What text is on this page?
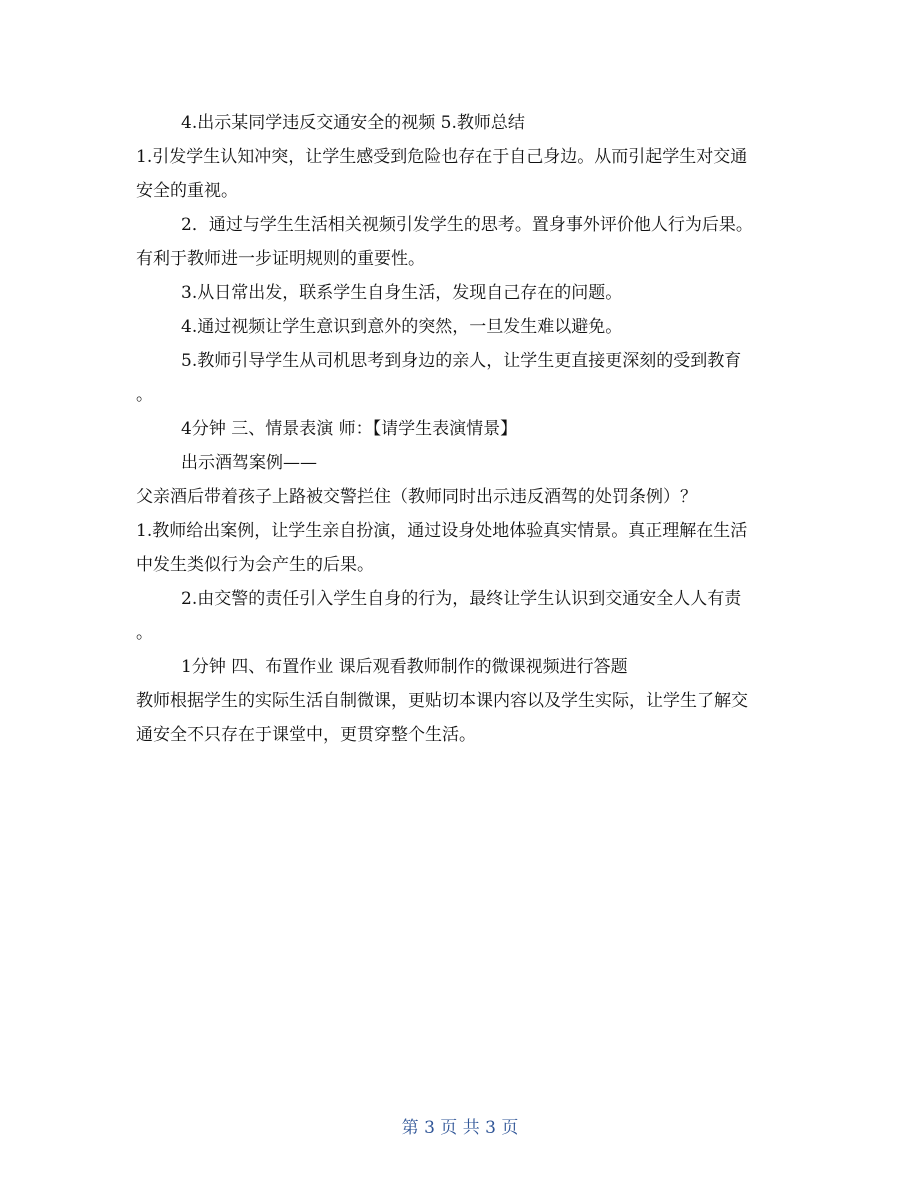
4.出示某同学违反交通安全的视频 5.教师总结
1.引发学生认知冲突，让学生感受到危险也存在于自己身边。从而引起学生对交通
安全的重视。
2．通过与学生生活相关视频引发学生的思考。置身事外评价他人行为后果。
有利于教师进一步证明规则的重要性。
3.从日常出发，联系学生自身生活，发现自己存在的问题。
4.通过视频让学生意识到意外的突然，一旦发生难以避免。
5.教师引导学生从司机思考到身边的亲人，让学生更直接更深刻的受到教育
。
4分钟 三、情景表演 师：【请学生表演情景】
出示酒驾案例——
父亲酒后带着孩子上路被交警拦住（教师同时出示违反酒驾的处罚条例）？
1.教师给出案例，让学生亲自扮演，通过设身处地体验真实情景。真正理解在生活
中发生类似行为会产生的后果。
2.由交警的责任引入学生自身的行为，最终让学生认识到交通安全人人有责
。
1分钟 四、布置作业 课后观看教师制作的微课视频进行答题
教师根据学生的实际生活自制微课，更贴切本课内容以及学生实际，让学生了解交
通安全不只存在于课堂中，更贯穿整个生活。
第 3 页 共 3 页
